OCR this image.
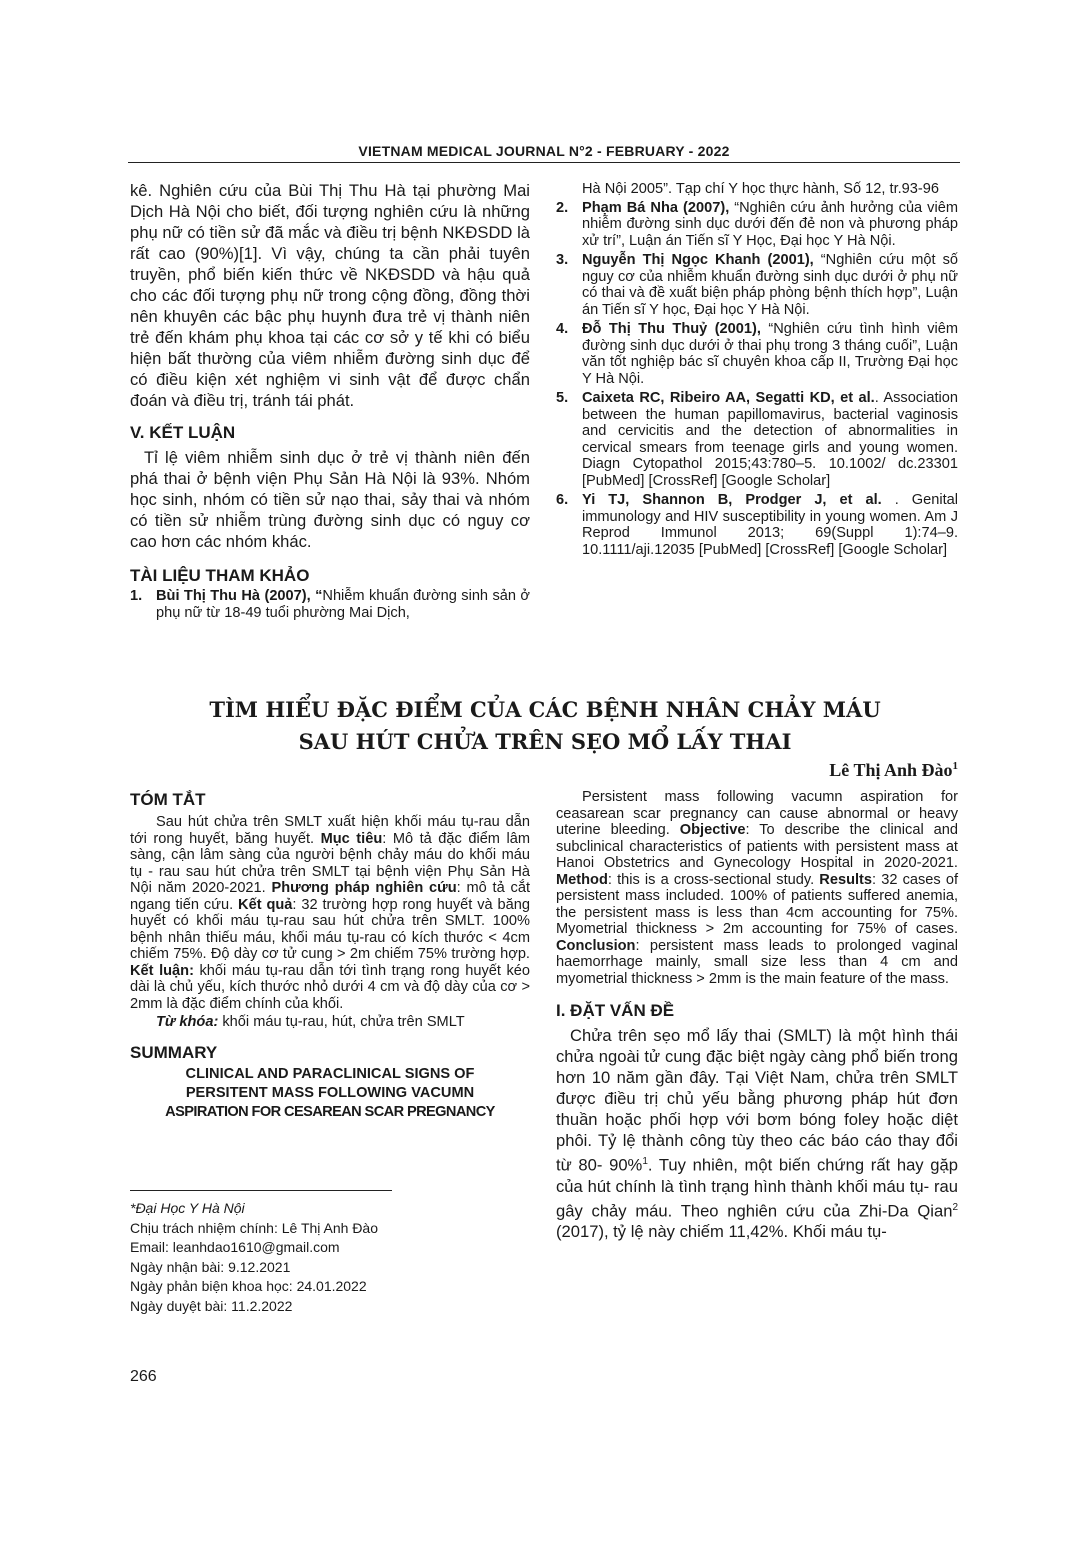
VIETNAM MEDICAL JOURNAL N°2 - FEBRUARY - 2022

kê. Nghiên cứu của Bùi Thị Thu Hà tại phường Mai Dịch Hà Nội cho biết, đối tượng nghiên cứu là những phụ nữ có tiền sử đã mắc và điều trị bệnh NKĐSDD là rất cao (90%)[1]. Vì vậy, chúng ta cần phải tuyên truyền, phổ biến kiến thức về NKĐSDD và hậu quả cho các đối tượng phụ nữ trong cộng đồng, đồng thời nên khuyên các bậc phụ huynh đưa trẻ vị thành niên trẻ đến khám phụ khoa tại các cơ sở y tế khi có biểu hiện bất thường của viêm nhiễm đường sinh dục để có điều kiện xét nghiệm vi sinh vật để được chẩn đoán và điều trị, tránh tái phát.

V. KẾT LUẬN

Tỉ lệ viêm nhiễm sinh dục ở trẻ vị thành niên đến phá thai ở bệnh viện Phụ Sản Hà Nội là 93%. Nhóm học sinh, nhóm có tiền sử nạo thai, sảy thai và nhóm có tiền sử nhiễm trùng đường sinh dục có nguy cơ cao hơn các nhóm khác.

TÀI LIỆU THAM KHẢO

1. Bùi Thị Thu Hà (2007), “Nhiễm khuẩn đường sinh sản ở phụ nữ từ 18-49 tuổi phường Mai Dịch,

Hà Nội 2005”. Tạp chí Y học thực hành, Số 12, tr.93-96

2. Phạm Bá Nha (2007), “Nghiên cứu ảnh hưởng của viêm nhiễm đường sinh dục dưới đến đẻ non và phương pháp xử trí”, Luận án Tiến sĩ Y Học, Đại học Y Hà Nội.

3. Nguyễn Thị Ngọc Khanh (2001), “Nghiên cứu một số nguy cơ của nhiễm khuẩn đường sinh dục dưới ở phụ nữ có thai và đề xuất biện pháp phòng bệnh thích hợp”, Luận án Tiến sĩ Y học, Đại học Y Hà Nội.

4. Đỗ Thị Thu Thuỷ (2001), “Nghiên cứu tình hình viêm đường sinh dục dưới ở thai phụ trong 3 tháng cuối”, Luận văn tốt nghiệp bác sĩ chuyên khoa cấp II, Trường Đại học Y Hà Nội.

5. Caixeta RC, Ribeiro AA, Segatti KD, et al.. Association between the human papillomavirus, bacterial vaginosis and cervicitis and the detection of abnormalities in cervical smears from teenage girls and young women. Diagn Cytopathol 2015;43:780–5. 10.1002/ dc.23301 [PubMed] [CrossRef] [Google Scholar]

6. Yi TJ, Shannon B, Prodger J, et al. . Genital immunology and HIV susceptibility in young women. Am J Reprod Immunol 2013; 69(Suppl 1):74–9. 10.1111/aji.12035 [PubMed] [CrossRef] [Google Scholar]

TÌM HIỂU ĐẶC ĐIỂM CỦA CÁC BỆNH NHÂN CHẢY MÁU
SAU HÚT CHỬA TRÊN SẸO MỔ LẤY THAI
Lê Thị Anh Đào$^1$

TÓM TẮT

Sau hút chửa trên SMLT xuất hiện khối máu tụ-rau dẫn tới rong huyết, băng huyết. Mục tiêu: Mô tả đặc điểm lâm sàng, cận lâm sàng của người bệnh chảy máu do khối máu tụ - rau sau hút chửa trên SMLT tại bệnh viện Phụ Sản Hà Nội năm 2020-2021. Phương pháp nghiên cứu: mô tả cắt ngang tiến cứu. Kết quả: 32 trường hợp rong huyết và băng huyết có khối máu tụ-rau sau hút chửa trên SMLT. 100% bệnh nhân thiếu máu, khối máu tụ-rau có kích thước < 4cm chiếm 75%. Độ dày cơ tử cung > 2m chiếm 75% trường hợp. Kết luận: khối máu tụ-rau dẫn tới tình trạng rong huyết kéo dài là chủ yếu, kích thước nhỏ dưới 4 cm và độ dày của cơ > 2mm là đặc điểm chính của khối.

Từ khóa: khối máu tụ-rau, hút, chửa trên SMLT

SUMMARY

CLINICAL AND PARACLINICAL SIGNS OF

PERSITENT MASS FOLLOWING VACUMN

ASPIRATION FOR CESAREAN SCAR PREGNANCY

*Đại Học Y Hà Nội
Chịu trách nhiệm chính: Lê Thị Anh Đào
Email: leanhdao1610@gmail.com
Ngày nhận bài: 9.12.2021
Ngày phản biện khoa học: 24.01.2022
Ngày duyệt bài: 11.2.2022

Persistent mass following vacumn aspiration for ceasarean scar pregnancy can cause abnormal or heavy uterine bleeding. Objective: To describe the clinical and subclinical characteristics of patients with persistent mass at Hanoi Obstetrics and Gynecology Hospital in 2020-2021. Method: this is a cross-sectional study. Results: 32 cases of persistent mass included. 100% of patients suffered anemia, the persistent mass is less than 4cm accounting for 75%. Myometrial thickness > 2m accounting for 75% of cases. Conclusion: persistent mass leads to prolonged vaginal haemorrhage mainly, small size less than 4 cm and myometrial thickness > 2mm is the main feature of the mass.

I. ĐẶT VẤN ĐỀ

Chửa trên sẹo mổ lấy thai (SMLT) là một hình thái chửa ngoài tử cung đặc biệt ngày càng phổ biến trong hơn 10 năm gần đây. Tại Việt Nam, chửa trên SMLT được điều trị chủ yếu bằng phương pháp hút đơn thuần hoặc phối hợp với bơm bóng foley hoặc diệt phôi. Tỷ lệ thành công tùy theo các báo cáo thay đổi từ 80- 90%$^1$. Tuy nhiên, một biến chứng rất hay gặp của hút chính là tình trạng hình thành khối máu tụ- rau gây chảy máu. Theo nghiên cứu của Zhi-Da Qian$^2$ (2017), tỷ lệ này chiếm 11,42%. Khối máu tụ-

266
